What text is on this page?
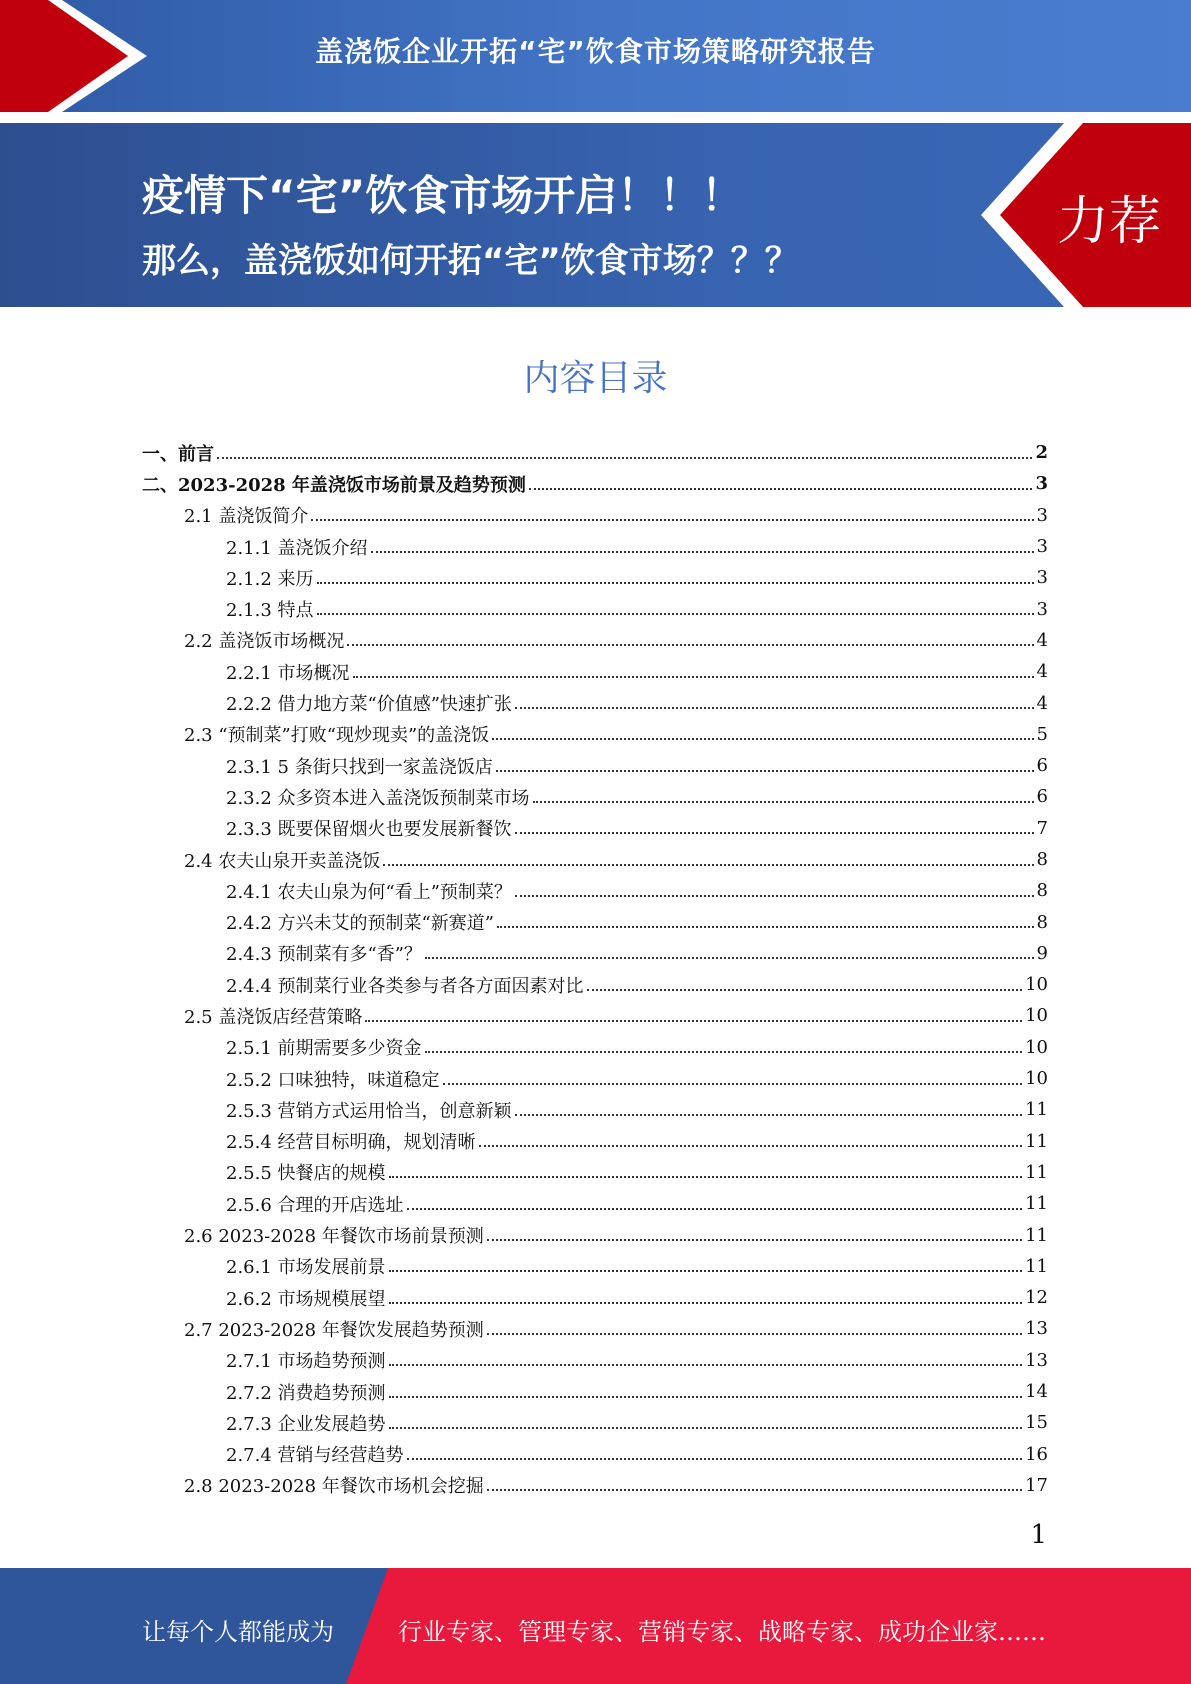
盖浇饭企业开拓“宅”饮食市场策略研究报告
疫情下“宅”饮食市场开启！！！
那么，盖浇饭如何开拓“宅”饮食市场？？？
力荐
内容目录
一、前言	2
二、2023-2028 年盖浇饭市场前景及趋势预测	3
2.1 盖浇饭简介	3
2.1.1 盖浇饭介绍	3
2.1.2 来历	3
2.1.3 特点	3
2.2 盖浇饭市场概况	4
2.2.1 市场概况	4
2.2.2 借力地方菜“价值感”快速扩张	4
2.3 “预制菜”打败“现炒现卖”的盖浇饭	5
2.3.1 5 条街只找到一家盖浇饭店	6
2.3.2 众多资本进入盖浇饭预制菜市场	6
2.3.3 既要保留烟火也要发展新餐饮	7
2.4 农夫山泉开卖盖浇饭	8
2.4.1 农夫山泉为何“看上”预制菜？	8
2.4.2 方兴未艾的预制菜“新赛道”	8
2.4.3 预制菜有多“香”？	9
2.4.4 预制菜行业各类参与者各方面因素对比	10
2.5 盖浇饭店经营策略	10
2.5.1 前期需要多少资金	10
2.5.2 口味独特，味道稳定	10
2.5.3 营销方式运用恰当，创意新颖	11
2.5.4 经营目标明确，规划清晰	11
2.5.5 快餐店的规模	11
2.5.6 合理的开店选址	11
2.6 2023-2028 年餐饮市场前景预测	11
2.6.1 市场发展前景	11
2.6.2 市场规模展望	12
2.7 2023-2028 年餐饮发展趋势预测	13
2.7.1 市场趋势预测	13
2.7.2 消费趋势预测	14
2.7.3 企业发展趋势	15
2.7.4 营销与经营趋势	16
2.8 2023-2028 年餐饮市场机会挖掘	17
1
让每个人都能成为	行业专家、管理专家、营销专家、战略专家、成功企业家……
